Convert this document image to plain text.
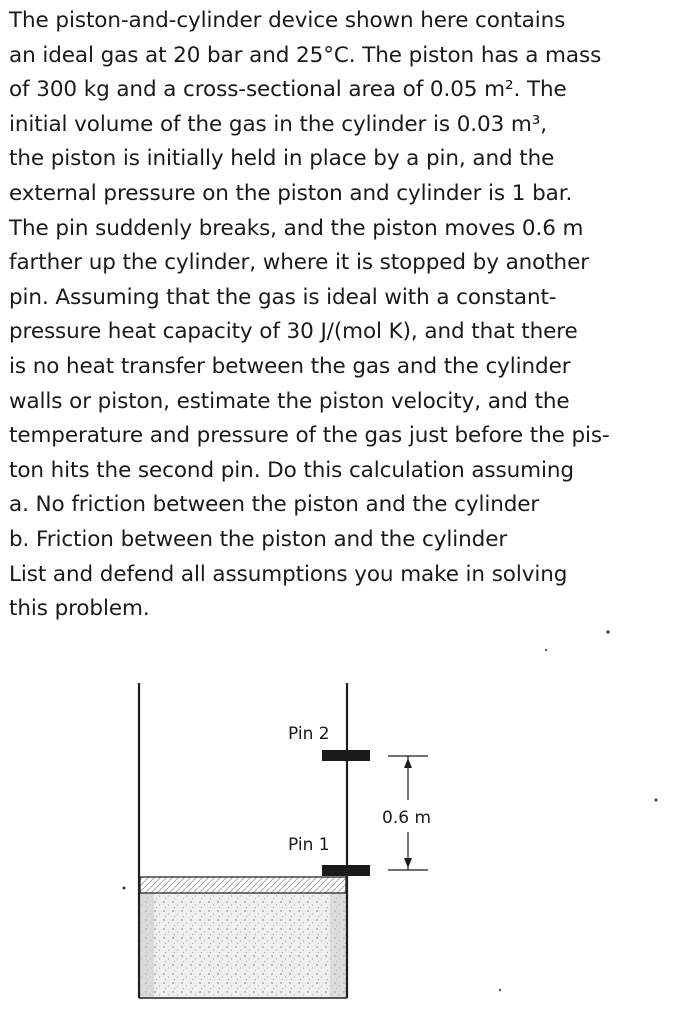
The piston-and-cylinder device shown here contains
an ideal gas at 20 bar and 25°C. The piston has a mass
of 300 kg and a cross-sectional area of 0.05 m². The
initial volume of the gas in the cylinder is 0.03 m³,
the piston is initially held in place by a pin, and the
external pressure on the piston and cylinder is 1 bar.
The pin suddenly breaks, and the piston moves 0.6 m
farther up the cylinder, where it is stopped by another
pin. Assuming that the gas is ideal with a constant-
pressure heat capacity of 30 J/(mol K), and that there
is no heat transfer between the gas and the cylinder
walls or piston, estimate the piston velocity, and the
temperature and pressure of the gas just before the pis-
ton hits the second pin. Do this calculation assuming
a. No friction between the piston and the cylinder
b. Friction between the piston and the cylinder
List and defend all assumptions you make in solving
this problem.
Pin 2
Pin 1
0.6 m
